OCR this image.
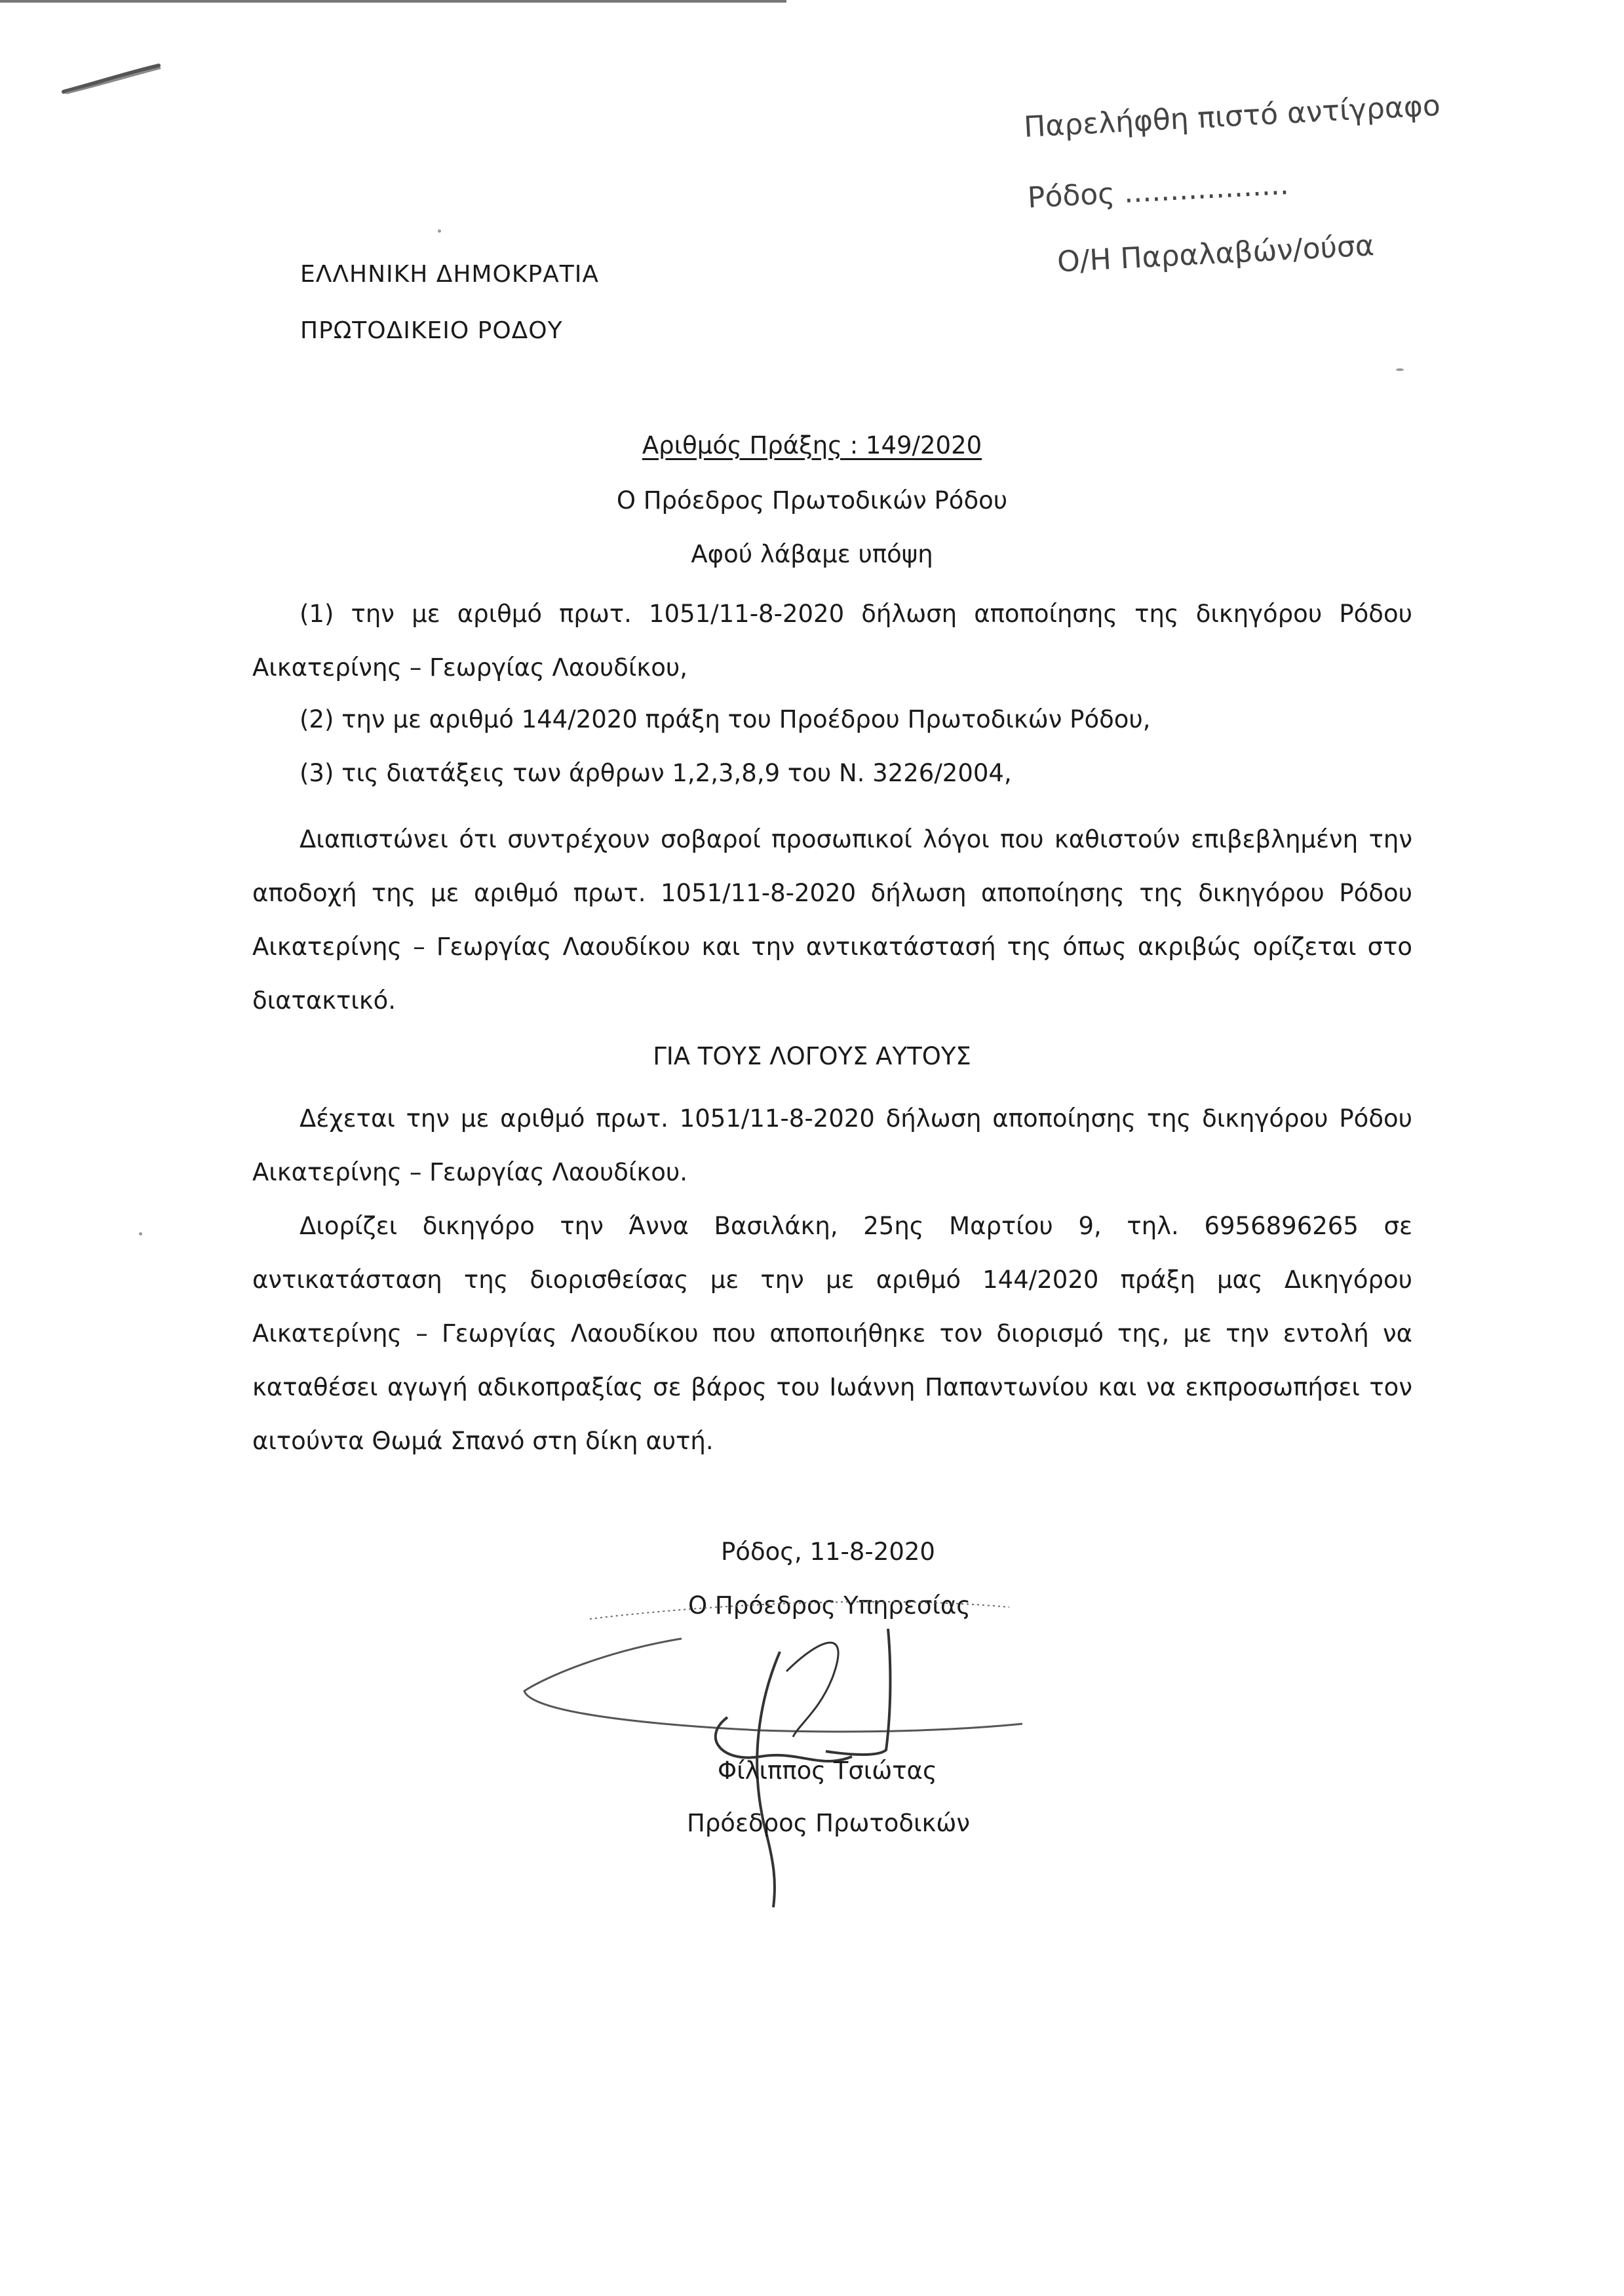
Παρελήφθη πιστό αντίγραφο
Ρόδος ..................
Ο/Η Παραλαβών/ούσα
ΕΛΛΗΝΙΚΗ ΔΗΜΟΚΡΑΤΙΑ
ΠΡΩΤΟΔΙΚΕΙΟ ΡΟΔΟΥ
Αριθμός Πράξης : 149/2020
Ο Πρόεδρος Πρωτοδικών Ρόδου
Αφού λάβαμε υπόψη
(1) την με αριθμό πρωτ. 1051/11-8-2020 δήλωση αποποίησης της δικηγόρου Ρόδου Αικατερίνης – Γεωργίας Λαουδίκου,
(2) την με αριθμό 144/2020 πράξη του Προέδρου Πρωτοδικών Ρόδου,
(3) τις διατάξεις των άρθρων 1,2,3,8,9 του Ν. 3226/2004,
Διαπιστώνει ότι συντρέχουν σοβαροί προσωπικοί λόγοι που καθιστούν επιβεβλημένη την αποδοχή της με αριθμό πρωτ. 1051/11-8-2020 δήλωση αποποίησης της δικηγόρου Ρόδου Αικατερίνης – Γεωργίας Λαουδίκου και την αντικατάστασή της όπως ακριβώς ορίζεται στο διατακτικό.
ΓΙΑ ΤΟΥΣ ΛΟΓΟΥΣ ΑΥΤΟΥΣ
Δέχεται την με αριθμό πρωτ. 1051/11-8-2020 δήλωση αποποίησης της δικηγόρου Ρόδου Αικατερίνης – Γεωργίας Λαουδίκου.
Διορίζει δικηγόρο την Άννα Βασιλάκη, 25ης Μαρτίου 9, τηλ. 6956896265 σε αντικατάσταση της διορισθείσας με την με αριθμό 144/2020 πράξη μας Δικηγόρου Αικατερίνης – Γεωργίας Λαουδίκου που αποποιήθηκε τον διορισμό της, με την εντολή να καταθέσει αγωγή αδικοπραξίας σε βάρος του Ιωάννη Παπαντωνίου και να εκπροσωπήσει τον αιτούντα Θωμά Σπανό στη δίκη αυτή.
Ρόδος, 11-8-2020
Ο Πρόεδρος Υπηρεσίας
Φίλιππος Τσιώτας
Πρόεδρος Πρωτοδικών
